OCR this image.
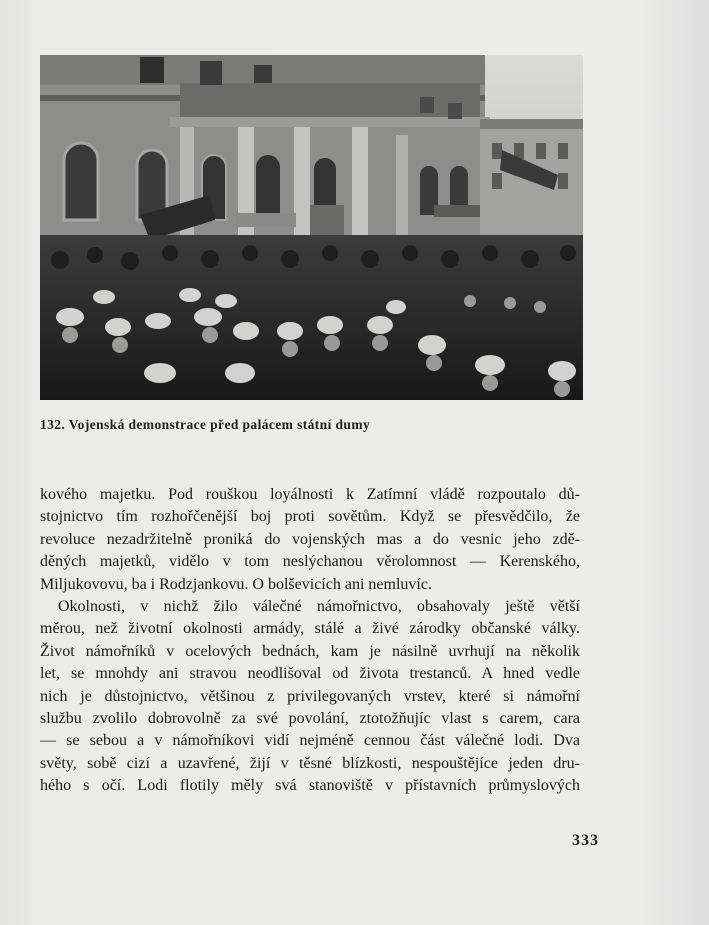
132. Vojenská demonstrace před palácem státní dumy
kového majetku. Pod rouškou loyálnosti k Zatímní vládě rozpoutalo dů-
stojnictvo tím rozhořčenější boj proti sovětům. Když se přesvědčilo, že
revoluce nezadržitelně proniká do vojenských mas a do vesnic jeho zdě-
děných majetků, vidělo v tom neslýchanou věrolomnost — Kerenského,
Miljukovovu, ba i Rodzjankovu. O bolševicích ani nemluvíc.
Okolnosti, v nichž žilo válečné námořnictvo, obsahovaly ještě větší
měrou, než životní okolnosti armády, stálé a živé zárodky občanské války.
Život námořníků v ocelových bednách, kam je násilně uvrhují na několik
let, se mnohdy ani stravou neodlišoval od života trestanců. A hned vedle
nich je důstojnictvo, většinou z privilegovaných vrstev, které si námořní
službu zvolilo dobrovolně za své povolání, ztotožňujíc vlast s carem, cara
— se sebou a v námořníkovi vidí nejméně cennou část válečné lodi. Dva
světy, sobě cizí a uzavřené, žijí v těsné blízkosti, nespouštějíce jeden dru-
hého s očí. Lodi flotily měly svá stanoviště v přístavních průmyslových
333
